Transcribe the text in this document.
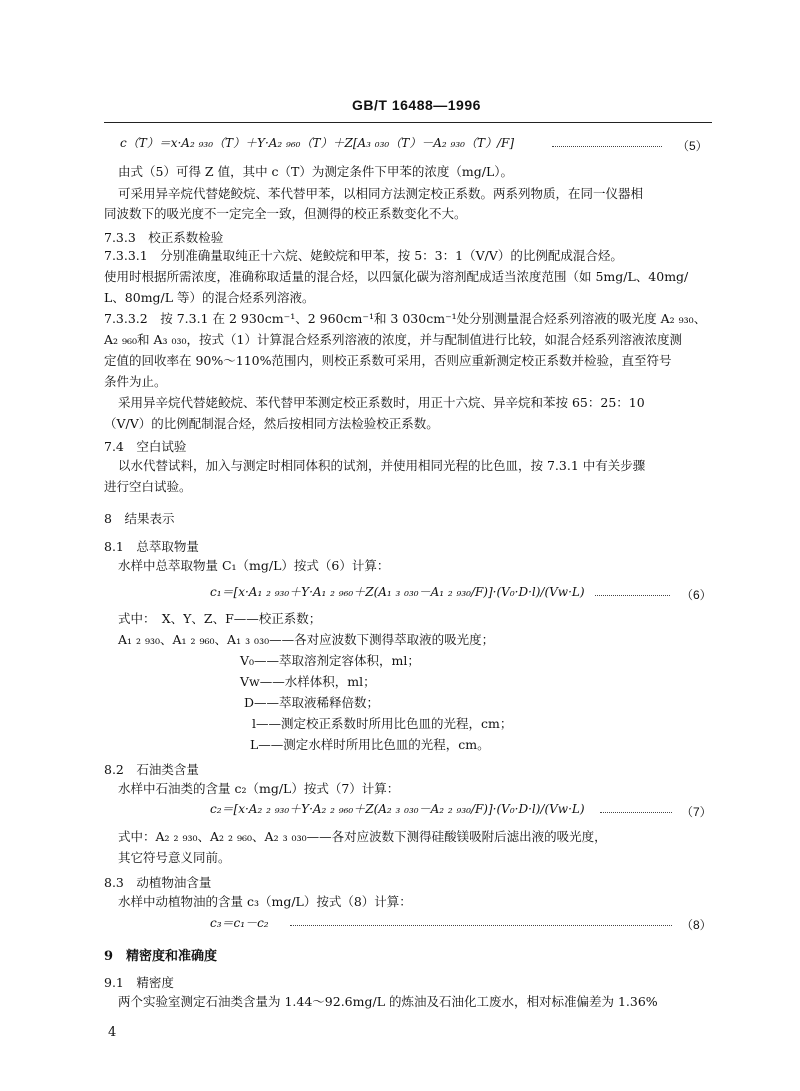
GB/T 16488—1996
c（T）＝x·A₂ ₉₃₀（T）＋Y·A₂ ₉₆₀（T）＋Z[A₃ ₀₃₀（T）－A₂ ₉₃₀（T）/F]	（5）
由式（5）可得 Z 值，其中 c（T）为测定条件下甲苯的浓度（mg/L）。
可采用异辛烷代替姥鲛烷、苯代替甲苯，以相同方法测定校正系数。两系列物质，在同一仪器相
同波数下的吸光度不一定完全一致，但测得的校正系数变化不大。
7.3.3　校正系数检验
7.3.3.1　分别准确量取纯正十六烷、姥鲛烷和甲苯，按 5：3：1（V/V）的比例配成混合烃。
使用时根据所需浓度，准确称取适量的混合烃，以四氯化碳为溶剂配成适当浓度范围（如 5mg/L、40mg/
L、80mg/L 等）的混合烃系列溶液。
7.3.3.2　按 7.3.1 在 2 930cm⁻¹、2 960cm⁻¹和 3 030cm⁻¹处分别测量混合烃系列溶液的吸光度 A₂ ₉₃₀、
A₂ ₉₆₀和 A₃ ₀₃₀，按式（1）计算混合烃系列溶液的浓度，并与配制值进行比较，如混合烃系列溶液浓度测
定值的回收率在 90%～110%范围内，则校正系数可采用，否则应重新测定校正系数并检验，直至符号
条件为止。
采用异辛烷代替姥鲛烷、苯代替甲苯测定校正系数时，用正十六烷、异辛烷和苯按 65：25：10
（V/V）的比例配制混合烃，然后按相同方法检验校正系数。
7.4　空白试验
以水代替试料，加入与测定时相同体积的试剂，并使用相同光程的比色皿，按 7.3.1 中有关步骤
进行空白试验。
8　结果表示
8.1　总萃取物量
水样中总萃取物量 C₁（mg/L）按式（6）计算：
c₁＝[x·A₁ ₂ ₉₃₀＋Y·A₁ ₂ ₉₆₀＋Z(A₁ ₃ ₀₃₀－A₁ ₂ ₉₃₀/F)]·(V₀·D·l)/(Vw·L)	（6）
式中：　X、Y、Z、F——校正系数；
A₁ ₂ ₉₃₀、A₁ ₂ ₉₆₀、A₁ ₃ ₀₃₀——各对应波数下测得萃取液的吸光度；
V₀——萃取溶剂定容体积，ml；
Vw——水样体积，ml；
D——萃取液稀释倍数；
l——测定校正系数时所用比色皿的光程，cm；
L——测定水样时所用比色皿的光程，cm。
8.2　石油类含量
水样中石油类的含量 c₂（mg/L）按式（7）计算：
c₂＝[x·A₂ ₂ ₉₃₀＋Y·A₂ ₂ ₉₆₀＋Z(A₂ ₃ ₀₃₀－A₂ ₂ ₉₃₀/F)]·(V₀·D·l)/(Vw·L)	（7）
式中：A₂ ₂ ₉₃₀、A₂ ₂ ₉₆₀、A₂ ₃ ₀₃₀——各对应波数下测得硅酸镁吸附后滤出液的吸光度，
其它符号意义同前。
8.3　动植物油含量
水样中动植物油的含量 c₃（mg/L）按式（8）计算：
c₃＝c₁－c₂	（8）
9　精密度和准确度
9.1　精密度
两个实验室测定石油类含量为 1.44～92.6mg/L 的炼油及石油化工废水，相对标准偏差为 1.36%
4
